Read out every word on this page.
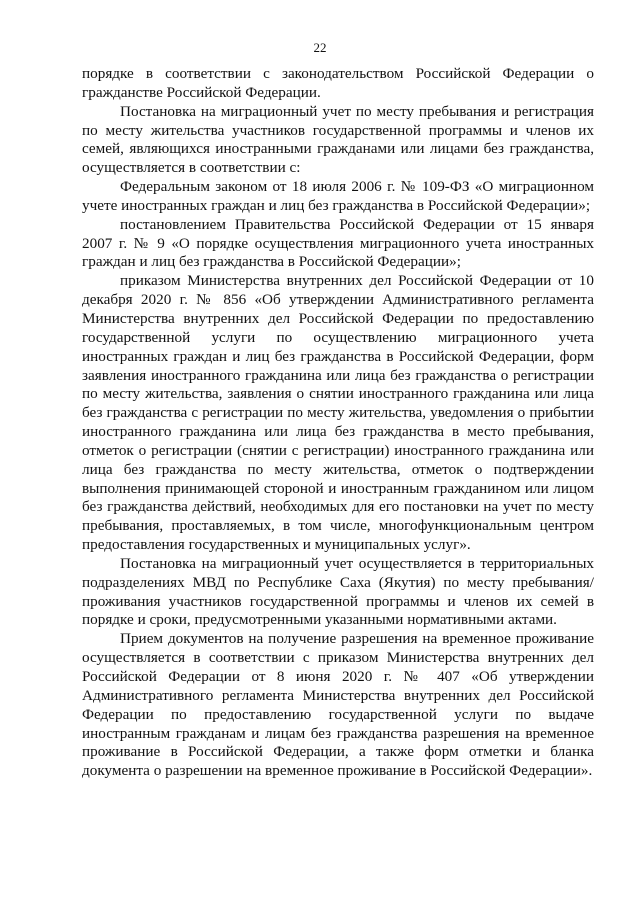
22

порядке в соответствии с законодательством Российской Федерации о гражданстве Российской Федерации.

Постановка на миграционный учет по месту пребывания и регистрация по месту жительства участников государственной программы и членов их семей, являющихся иностранными гражданами или лицами без гражданства, осуществляется в соответствии с:

Федеральным законом от 18 июля 2006 г. № 109-ФЗ «О миграционном учете иностранных граждан и лиц без гражданства в Российской Федерации»;

постановлением Правительства Российской Федерации от 15 января 2007 г. № 9 «О порядке осуществления миграционного учета иностранных граждан и лиц без гражданства в Российской Федерации»;

приказом Министерства внутренних дел Российской Федерации от 10 декабря 2020 г. № 856 «Об утверждении Административного регламента Министерства внутренних дел Российской Федерации по предоставлению государственной услуги по осуществлению миграционного учета иностранных граждан и лиц без гражданства в Российской Федерации, форм заявления иностранного гражданина или лица без гражданства о регистрации по месту жительства, заявления о снятии иностранного гражданина или лица без гражданства с регистрации по месту жительства, уведомления о прибытии иностранного гражданина или лица без гражданства в место пребывания, отметок о регистрации (снятии с регистрации) иностранного гражданина или лица без гражданства по месту жительства, отметок о подтверждении выполнения принимающей стороной и иностранным гражданином или лицом без гражданства действий, необходимых для его постановки на учет по месту пребывания, проставляемых, в том числе, многофункциональным центром предоставления государственных и муниципальных услуг».

Постановка на миграционный учет осуществляется в территориальных подразделениях МВД по Республике Саха (Якутия) по месту пребывания/проживания участников государственной программы и членов их семей в порядке и сроки, предусмотренными указанными нормативными актами.

Прием документов на получение разрешения на временное проживание осуществляется в соответствии с приказом Министерства внутренних дел Российской Федерации от 8 июня 2020 г. № 407 «Об утверждении Административного регламента Министерства внутренних дел Российской Федерации по предоставлению государственной услуги по выдаче иностранным гражданам и лицам без гражданства разрешения на временное проживание в Российской Федерации, а также форм отметки и бланка документа о разрешении на временное проживание в Российской Федерации».
